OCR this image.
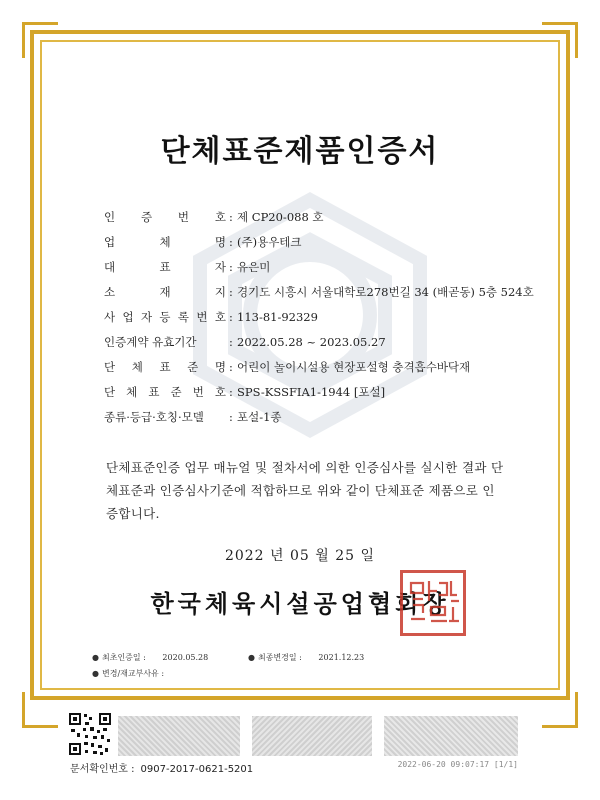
단체표준제품인증서
인 증 번 호 : 제 CP20-088 호
업	체	명 : (주)용우테크
대	표	자 : 유은미
소	재	지 : 경기도 시흥시 서울대학로278번길 34 (배곧동) 5층 524호
사 업 자 등 록 번 호 : 113-81-92329
인증계약 유효기간	: 2022.05.28 ~ 2023.05.27
단 체 표 준 명 : 어린이 놀이시설용 현장포설형 충격흡수바닥재
단 체 표 준 번 호 : SPS-KSSFIA1-1944 [포설]
종류·등급·호칭·모델 : 포설-1종
단체표준인증 업무 매뉴얼 및 절차서에 의한 인증심사를 실시한 결과 단체표준과 인증심사기준에 적합하므로 위와 같이 단체표준 제품으로 인증합니다.
2022 년 05 월 25 일
한국체육시설공업협회장
● 최초인증일 : 2020.05.28	● 최종변경일 : 2021.12.23
● 변경/재교부사유 :
문서확인번호 : 0907-2017-0621-5201	2022-06-20 09:07:17 [1/1]
